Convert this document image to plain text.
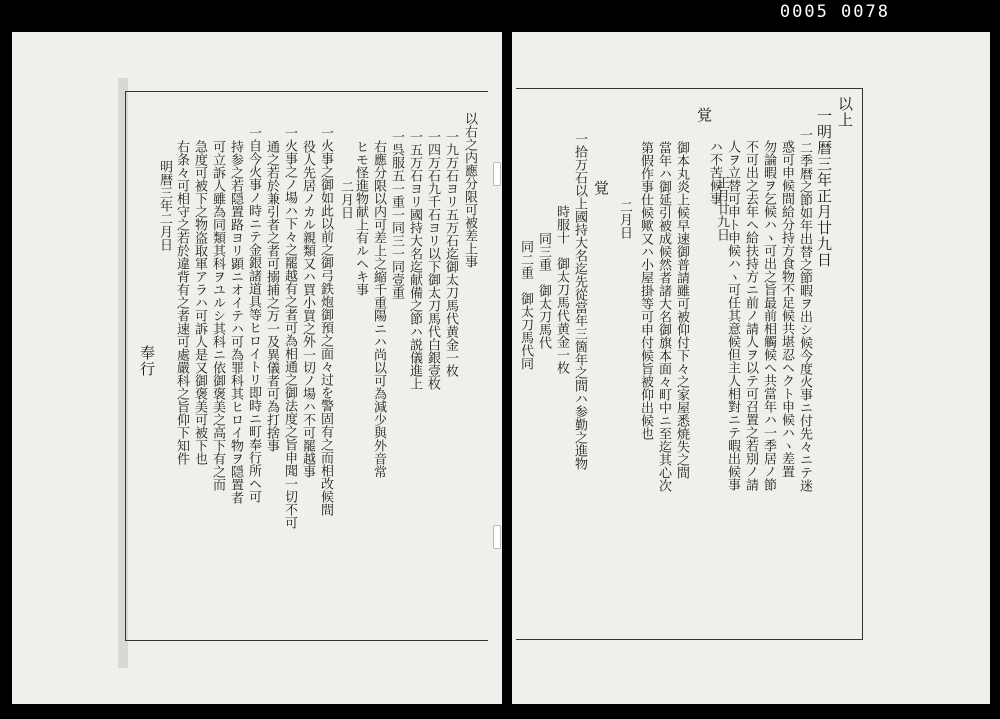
0005 0078
以上
一明暦三年正月廿九日
一二季暦之節如年出替之節暇ヲ出シ候今度火事ニ付先々ニテ迷
惑可申候間給分持方食物不足候共堪忍ヘクト申候ハヽ差置
勿論暇ヲ乞候ハヽ可出之旨最前相觸候ヘ共當年ハ一季居ノ節
不可出之去年ヘ給扶持方ニ前ノ請人ヲ以テ可召置之若別ノ請
人ヲ立替可申ト申候ハヽ可任其意候但主人相對ニテ暇出候事
ハ不苦候事
正月廿九日
覚
御本丸炎上候早速御普請雖可被仰付下々之家屋悉焼失之間
當年ハ御延引被成候然者諸大名御旗本面々町中ニ至迄其心次
第假作事仕候歟又ハ小屋掛等可申付候旨被仰出候也
二月日
覚
一拾万石以上國持大名迄先從當年三箇年之間ハ参勤之進物
時服十　御太刀馬代黄金一枚
同三重　御太刀馬代
同二重　御太刀馬代同
以右之内應分限可被差上事
一九万石ヨリ五万石迄御太刀馬代黄金一枚
一四万石九千石ヨリ以下御太刀馬代白銀壹枚
一五万石ヨリ國持大名迄献備之節ハ説儀進上
一呉服五一重一同三一同壹重
右應分限以内可差上之縮千重陽ニハ尚以可為減少與外音常
ヒモ怪進物献上有ルヘキ事
二月日
一火事之御如此以前之御弓鉄炮御預之面々过を警固有之而相改候間
役人先居ノカル親類又ハ買小買之外一切ノ場ハ不可罷越事
一火事之ノ場ハ下々之罷越有之者可為相通之御法度之旨申聞一切不可
通之若於兼引者之者可搦捕之万一及異儀者可為打捨事
一自今火事ノ時ニテ金銀諸道具等ヒロイトリ即時ニ町奉行所ヘ可
持参之若隠置路ヨリ顕ニオイテハ可為罪科其ヒロイ物ヲ隠置者
可立訴人雖為同類其科ヲユルシ其科ニ依御褒美之高下有之而
急度可被下之物盗取軍アラハ可訴人是又御褒美可被下也
右条々可相守之若於違背有之者速可處嚴科之旨仰下知件
明暦三年二月日
奉行
